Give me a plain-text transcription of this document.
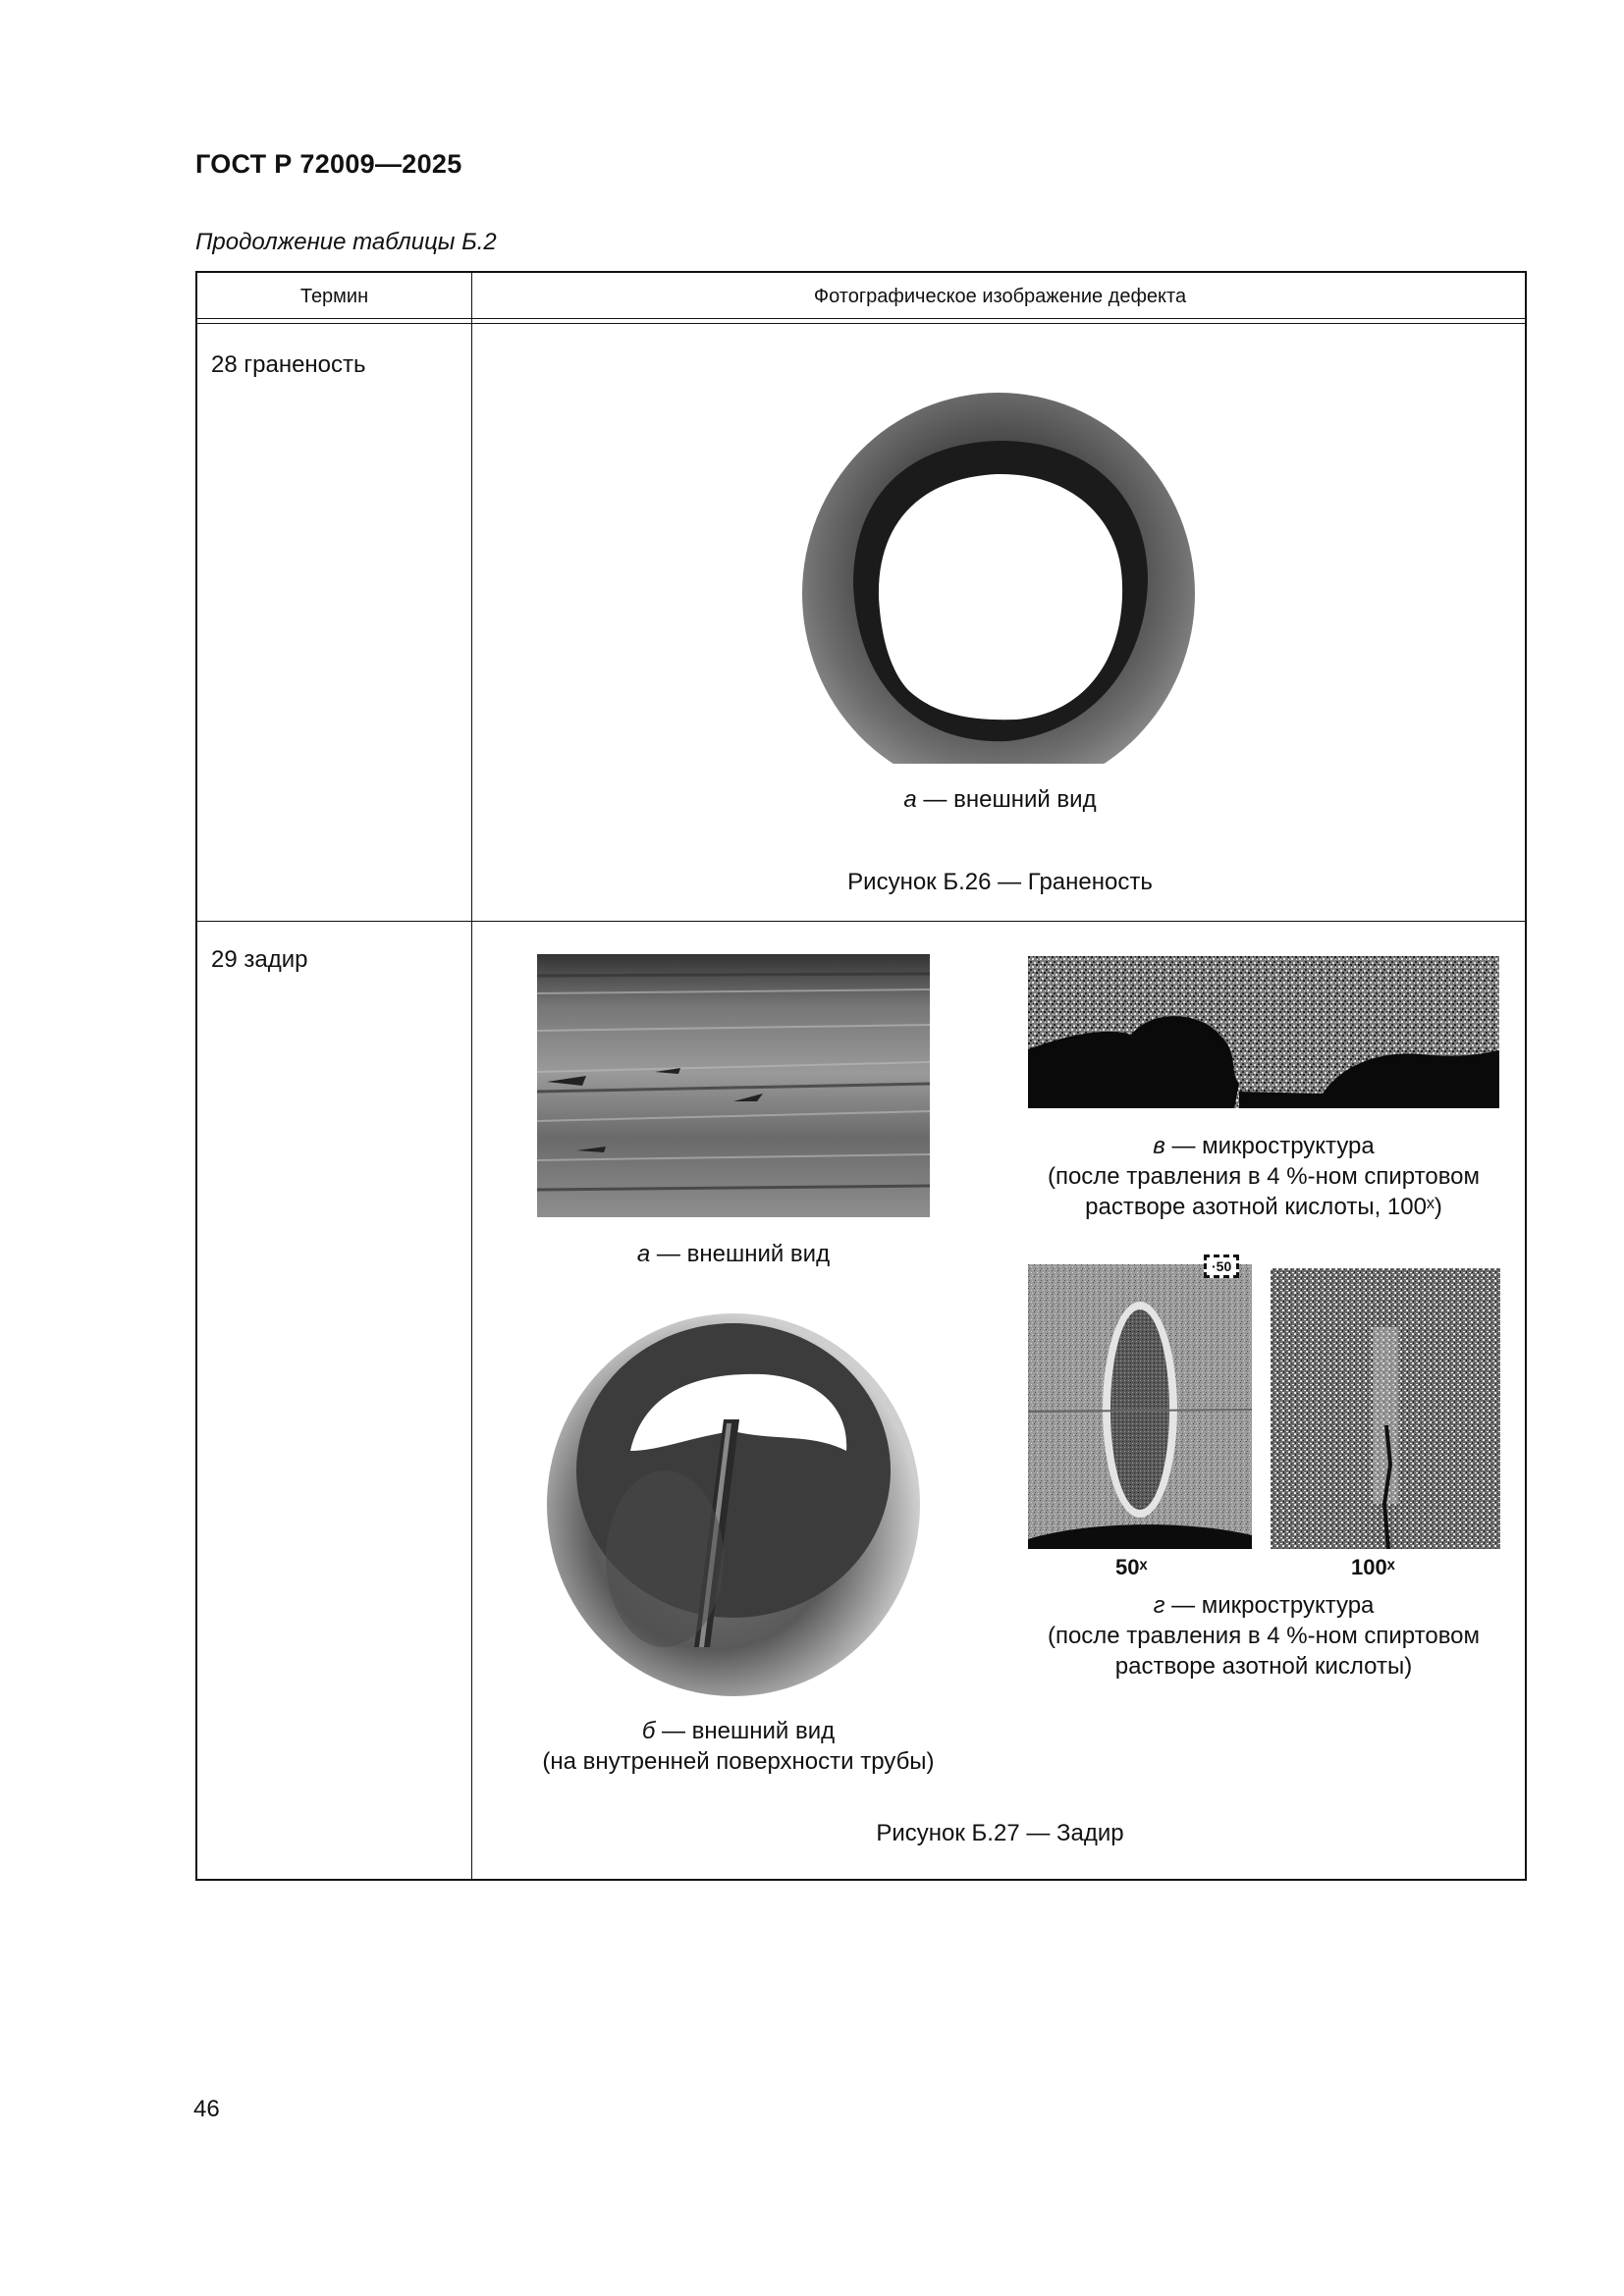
ГОСТ Р 72009—2025
Продолжение таблицы Б.2
Термин	Фотографическое изображение дефекта
28 граненость
а — внешний вид
Рисунок Б.26 — Граненость
29 задир
а — внешний вид
б — внешний вид
(на внутренней поверхности трубы)
в — микроструктура
(после травления в 4 %-ном спиртовом
растворе азотной кислоты, 100ˣ)
·50
50ˣ	100ˣ
г — микроструктура
(после травления в 4 %-ном спиртовом
растворе азотной кислоты)
Рисунок Б.27 — Задир
46
